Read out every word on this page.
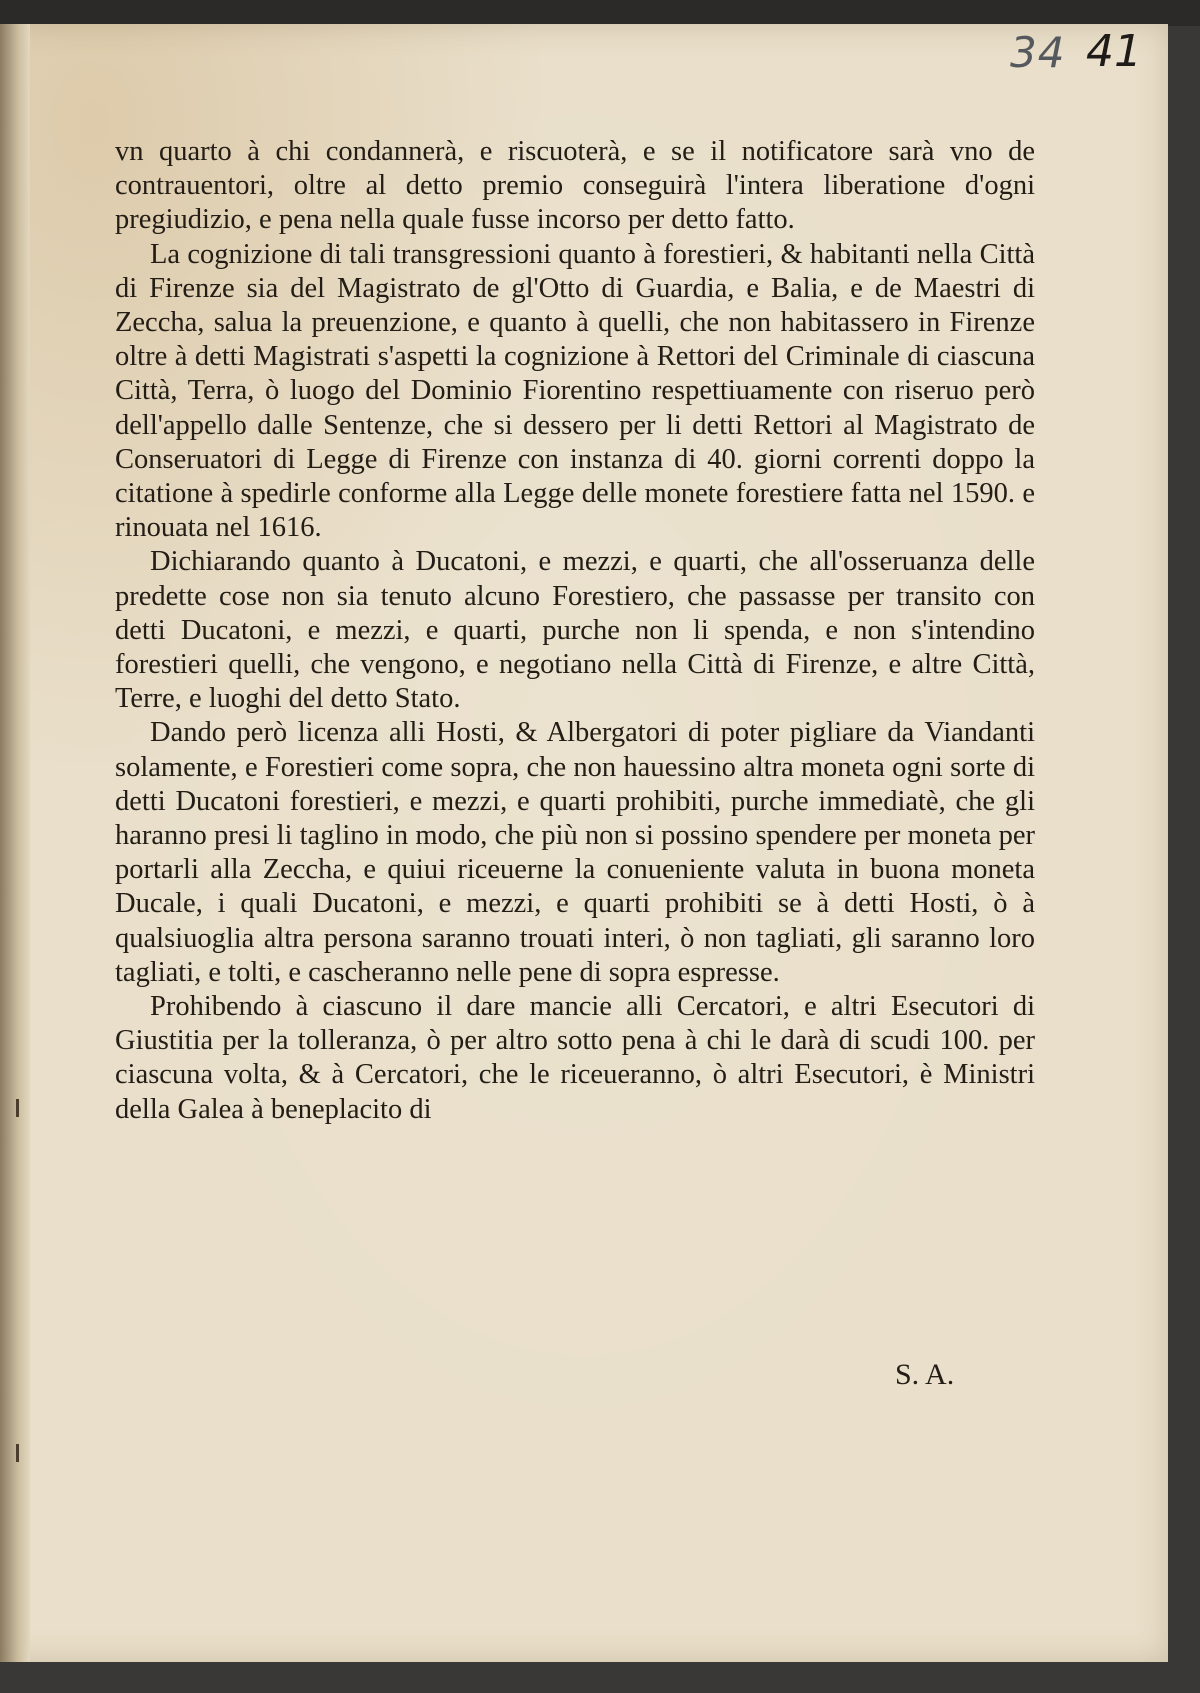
34 41

vn quarto à chi condannerà, e riscuoterà, e se il notificatore sarà vno de contrauentori, oltre al detto premio conseguirà l'intera liberatione d'ogni pregiudizio, e pena nella quale fusse incorso per detto fatto.

La cognizione di tali transgressioni quanto à forestieri, & habitanti nella Città di Firenze sia del Magistrato de gl'Otto di Guardia, e Balia, e de Maestri di Zeccha, salua la preuenzione, e quanto à quelli, che non habitassero in Firenze oltre à detti Magistrati s'aspetti la cognizione à Rettori del Criminale di ciascuna Città, Terra, ò luogo del Dominio Fiorentino respettiuamente con riseruo però dell'appello dalle Sentenze, che si dessero per li detti Rettori al Magistrato de Conseruatori di Legge di Firenze con instanza di 40. giorni correnti doppo la citatione à spedirle conforme alla Legge delle monete forestiere fatta nel 1590. e rinouata nel 1616.

Dichiarando quanto à Ducatoni, e mezzi, e quarti, che all'osseruanza delle predette cose non sia tenuto alcuno Forestiero, che passasse per transito con detti Ducatoni, e mezzi, e quarti, purche non li spenda, e non s'intendino forestieri quelli, che vengono, e negotiano nella Città di Firenze, e altre Città, Terre, e luoghi del detto Stato.

Dando però licenza alli Hosti, & Albergatori di poter pigliare da Viandanti solamente, e Forestieri come sopra, che non hauessino altra moneta ogni sorte di detti Ducatoni forestieri, e mezzi, e quarti prohibiti, purche immediatè, che gli haranno presi li taglino in modo, che più non si possino spendere per moneta per portarli alla Zeccha, e quiui riceuerne la conueniente valuta in buona moneta Ducale, i quali Ducatoni, e mezzi, e quarti prohibiti se à detti Hosti, ò à qualsiuoglia altra persona saranno trouati interi, ò non tagliati, gli saranno loro tagliati, e tolti, e cascheranno nelle pene di sopra espresse.

Prohibendo à ciascuno il dare mancie alli Cercatori, e altri Esecutori di Giustitia per la tolleranza, ò per altro sotto pena à chi le darà di scudi 100. per ciascuna volta, & à Cercatori, che le riceueranno, ò altri Esecutori, è Ministri della Galea à beneplacito di

S. A.
